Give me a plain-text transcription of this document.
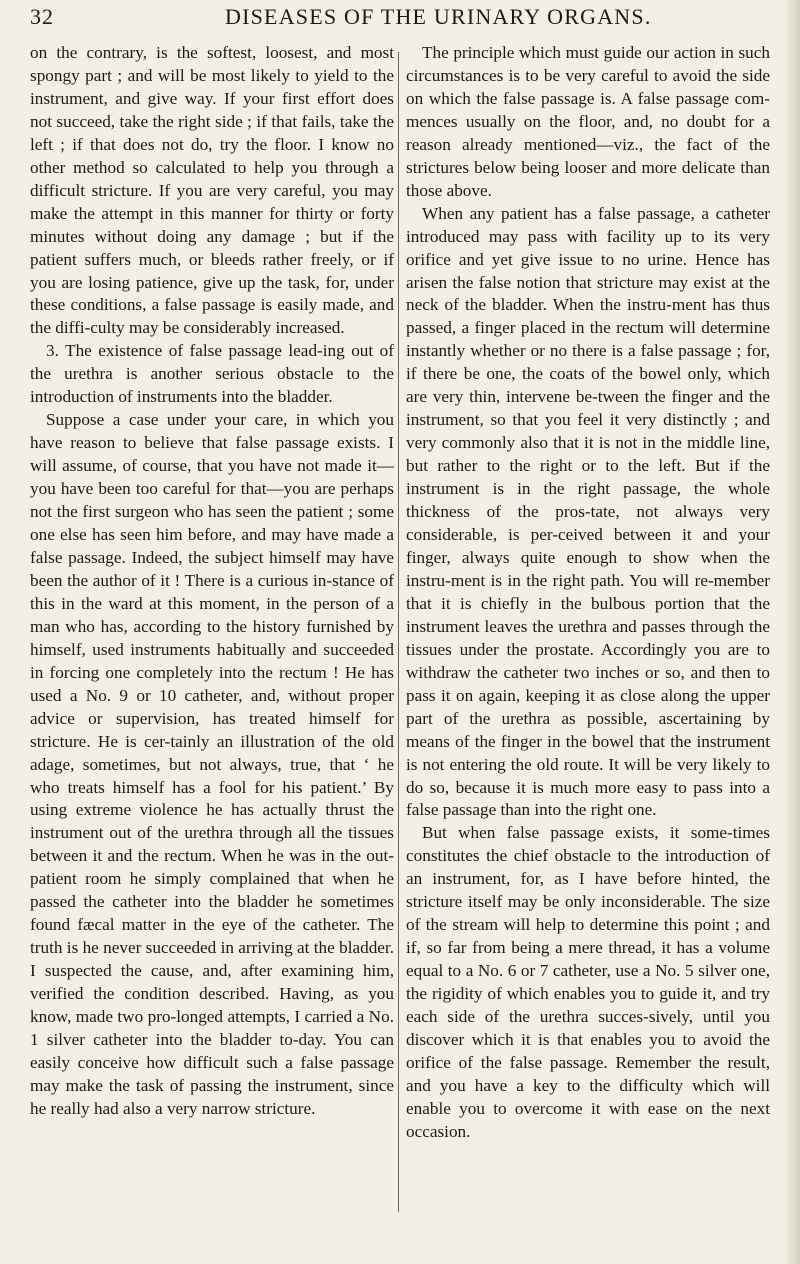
32	DISEASES OF THE URINARY ORGANS.

on the contrary, is the softest, loosest, and most spongy part ; and will be most likely to yield to the instrument, and give way. If your first effort does not succeed, take the right side ; if that fails, take the left ; if that does not do, try the floor. I know no other method so calculated to help you through a difficult stricture. If you are very careful, you may make the attempt in this manner for thirty or forty minutes without doing any damage ; but if the patient suffers much, or bleeds rather freely, or if you are losing patience, give up the task, for, under these conditions, a false passage is easily made, and the diffi-culty may be considerably increased.

3. The existence of false passage lead-ing out of the urethra is another serious obstacle to the introduction of instruments into the bladder.

Suppose a case under your care, in which you have reason to believe that false passage exists. I will assume, of course, that you have not made it—you have been too careful for that—you are perhaps not the first surgeon who has seen the patient ; some one else has seen him before, and may have made a false passage. Indeed, the subject himself may have been the author of it ! There is a curious in-stance of this in the ward at this moment, in the person of a man who has, according to the history furnished by himself, used instruments habitually and succeeded in forcing one completely into the rectum ! He has used a No. 9 or 10 catheter, and, without proper advice or supervision, has treated himself for stricture. He is cer-tainly an illustration of the old adage, sometimes, but not always, true, that ‘ he who treats himself has a fool for his patient.’ By using extreme violence he has actually thrust the instrument out of the urethra through all the tissues between it and the rectum. When he was in the out-patient room he simply complained that when he passed the catheter into the bladder he sometimes found fæcal matter in the eye of the catheter. The truth is he never succeeded in arriving at the bladder. I suspected the cause, and, after examining him, verified the condition described. Having, as you know, made two pro-longed attempts, I carried a No. 1 silver catheter into the bladder to-day. You can easily conceive how difficult such a false passage may make the task of passing the instrument, since he really had also a very narrow stricture.

The principle which must guide our action in such circumstances is to be very careful to avoid the side on which the false passage is. A false passage com-mences usually on the floor, and, no doubt for a reason already mentioned—viz., the fact of the strictures below being looser and more delicate than those above.

When any patient has a false passage, a catheter introduced may pass with facility up to its very orifice and yet give issue to no urine. Hence has arisen the false notion that stricture may exist at the neck of the bladder. When the instru-ment has thus passed, a finger placed in the rectum will determine instantly whether or no there is a false passage ; for, if there be one, the coats of the bowel only, which are very thin, intervene be-tween the finger and the instrument, so that you feel it very distinctly ; and very commonly also that it is not in the middle line, but rather to the right or to the left. But if the instrument is in the right passage, the whole thickness of the pros-tate, not always very considerable, is per-ceived between it and your finger, always quite enough to show when the instru-ment is in the right path. You will re-member that it is chiefly in the bulbous portion that the instrument leaves the urethra and passes through the tissues under the prostate. Accordingly you are to withdraw the catheter two inches or so, and then to pass it on again, keeping it as close along the upper part of the urethra as possible, ascertaining by means of the finger in the bowel that the instrument is not entering the old route. It will be very likely to do so, because it is much more easy to pass into a false passage than into the right one.

But when false passage exists, it some-times constitutes the chief obstacle to the introduction of an instrument, for, as I have before hinted, the stricture itself may be only inconsiderable. The size of the stream will help to determine this point ; and if, so far from being a mere thread, it has a volume equal to a No. 6 or 7 catheter, use a No. 5 silver one, the rigidity of which enables you to guide it, and try each side of the urethra succes-sively, until you discover which it is that enables you to avoid the orifice of the false passage. Remember the result, and you have a key to the difficulty which will enable you to overcome it with ease on the next occasion.
